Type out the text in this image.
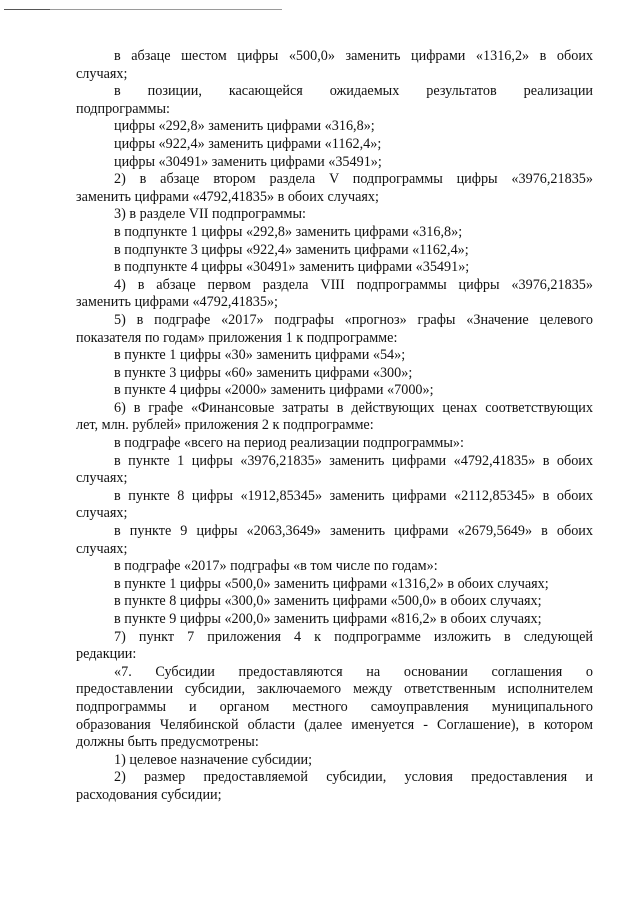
в абзаце шестом цифры «500,0» заменить цифрами «1316,2» в обоих
случаях;
в позиции, касающейся ожидаемых результатов реализации
подпрограммы:
цифры «292,8» заменить цифрами «316,8»;
цифры «922,4» заменить цифрами «1162,4»;
цифры «30491» заменить цифрами «35491»;
2) в абзаце втором раздела V подпрограммы цифры «3976,21835»
заменить цифрами «4792,41835» в обоих случаях;
3) в разделе VII подпрограммы:
в подпункте 1 цифры «292,8» заменить цифрами «316,8»;
в подпункте 3 цифры «922,4» заменить цифрами «1162,4»;
в подпункте 4 цифры «30491» заменить цифрами «35491»;
4) в абзаце первом раздела VIII подпрограммы цифры «3976,21835»
заменить цифрами «4792,41835»;
5) в подграфе «2017» подграфы «прогноз» графы «Значение целевого
показателя по годам» приложения 1 к подпрограмме:
в пункте 1 цифры «30» заменить цифрами «54»;
в пункте 3 цифры «60» заменить цифрами «300»;
в пункте 4 цифры «2000» заменить цифрами «7000»;
6) в графе «Финансовые затраты в действующих ценах соответствующих
лет, млн. рублей» приложения 2 к подпрограмме:
в подграфе «всего на период реализации подпрограммы»:
в пункте 1 цифры «3976,21835» заменить цифрами «4792,41835» в обоих
случаях;
в пункте 8 цифры «1912,85345» заменить цифрами «2112,85345» в обоих
случаях;
в пункте 9 цифры «2063,3649» заменить цифрами «2679,5649» в обоих
случаях;
в подграфе «2017» подграфы «в том числе по годам»:
в пункте 1 цифры «500,0» заменить цифрами «1316,2» в обоих случаях;
в пункте 8 цифры «300,0» заменить цифрами «500,0» в обоих случаях;
в пункте 9 цифры «200,0» заменить цифрами «816,2» в обоих случаях;
7) пункт 7 приложения 4 к подпрограмме изложить в следующей
редакции:
«7. Субсидии предоставляются на основании соглашения о
предоставлении субсидии, заключаемого между ответственным исполнителем
подпрограммы и органом местного самоуправления муниципального
образования Челябинской области (далее именуется - Соглашение), в котором
должны быть предусмотрены:
1) целевое назначение субсидии;
2) размер предоставляемой субсидии, условия предоставления и
расходования субсидии;
